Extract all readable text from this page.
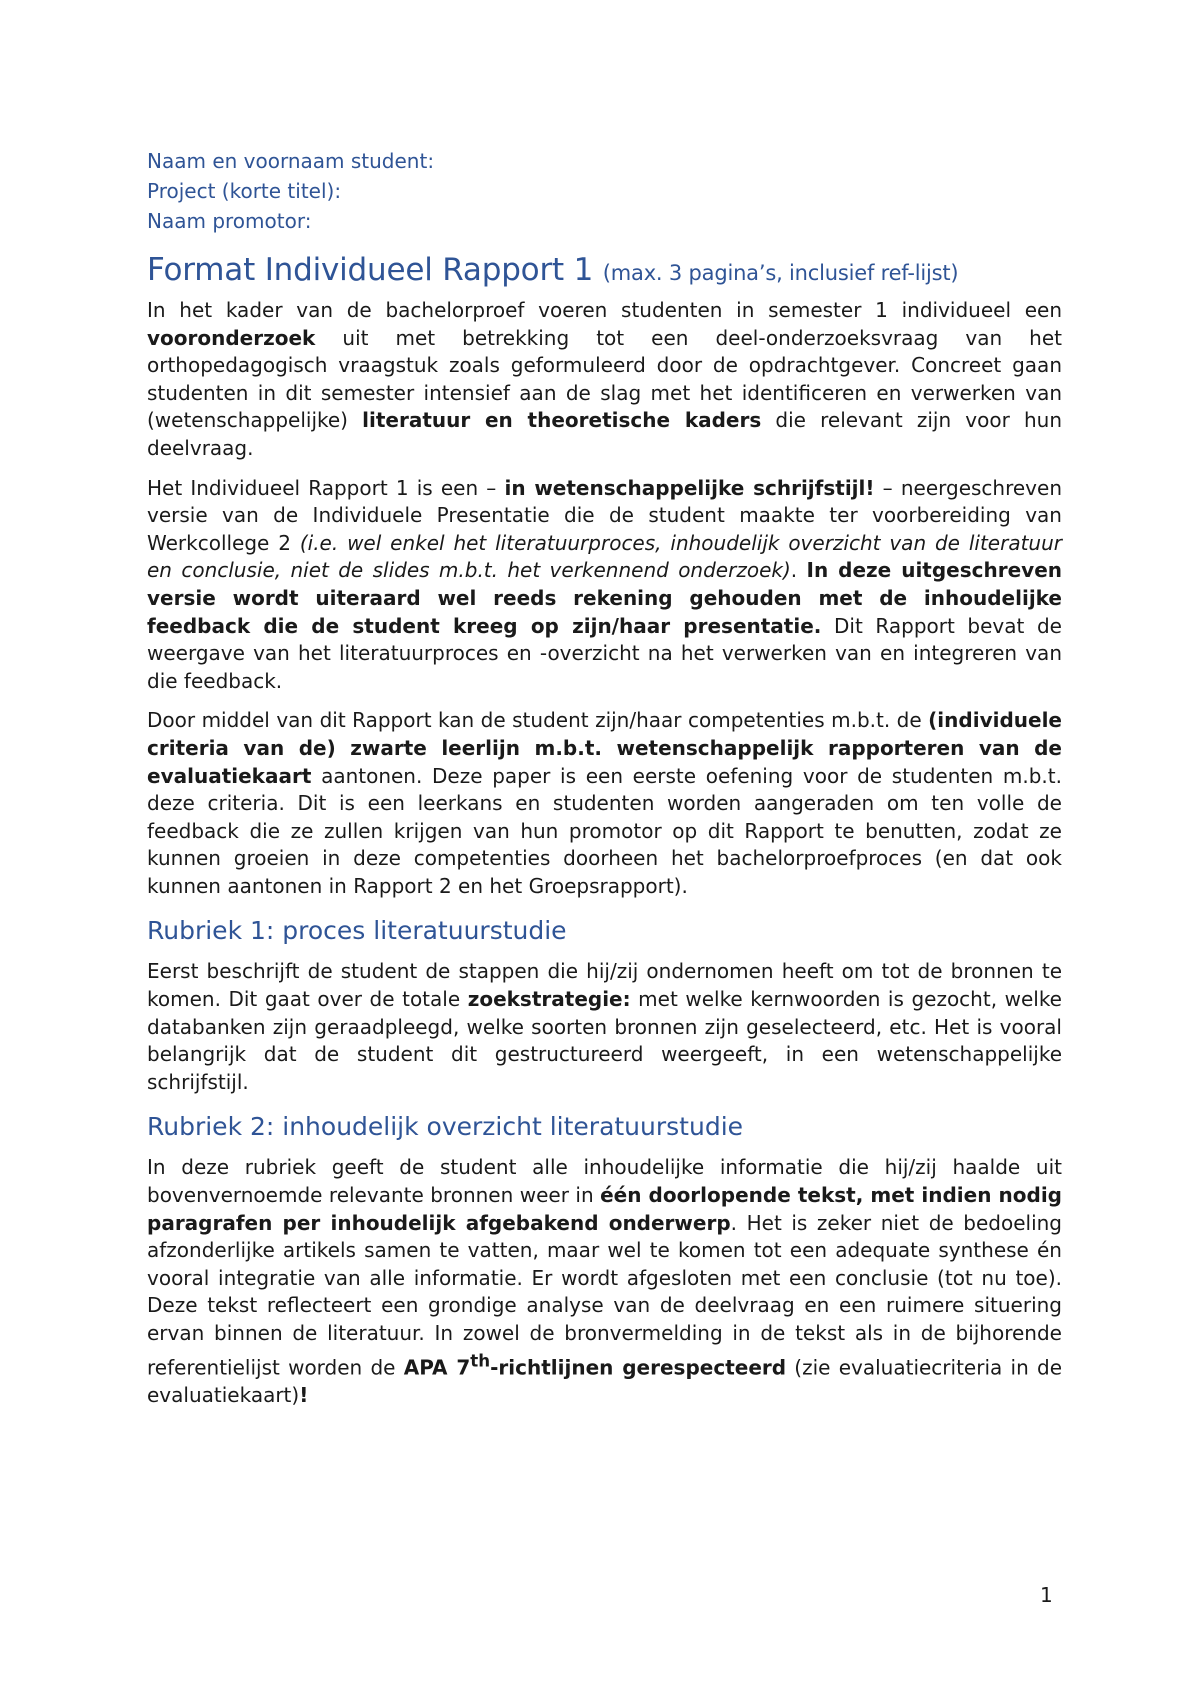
Naam en voornaam student:
Project (korte titel):
Naam promotor:
Format Individueel Rapport 1 (max. 3 pagina’s, inclusief ref-lijst)

In het kader van de bachelorproef voeren studenten in semester 1 individueel een vooronderzoek uit met betrekking tot een deel-onderzoeksvraag van het orthopedagogisch vraagstuk zoals geformuleerd door de opdrachtgever. Concreet gaan studenten in dit semester intensief aan de slag met het identificeren en verwerken van (wetenschappelijke) literatuur en theoretische kaders die relevant zijn voor hun deelvraag.

Het Individueel Rapport 1 is een – in wetenschappelijke schrijfstijl! – neergeschreven versie van de Individuele Presentatie die de student maakte ter voorbereiding van Werkcollege 2 (i.e. wel enkel het literatuurproces, inhoudelijk overzicht van de literatuur en conclusie, niet de slides m.b.t. het verkennend onderzoek). In deze uitgeschreven versie wordt uiteraard wel reeds rekening gehouden met de inhoudelijke feedback die de student kreeg op zijn/haar presentatie. Dit Rapport bevat de weergave van het literatuurproces en -overzicht na het verwerken van en integreren van die feedback.

Door middel van dit Rapport kan de student zijn/haar competenties m.b.t. de (individuele criteria van de) zwarte leerlijn m.b.t. wetenschappelijk rapporteren van de evaluatiekaart aantonen. Deze paper is een eerste oefening voor de studenten m.b.t. deze criteria. Dit is een leerkans en studenten worden aangeraden om ten volle de feedback die ze zullen krijgen van hun promotor op dit Rapport te benutten, zodat ze kunnen groeien in deze competenties doorheen het bachelorproefproces (en dat ook kunnen aantonen in Rapport 2 en het Groepsrapport).

Rubriek 1: proces literatuurstudie

Eerst beschrijft de student de stappen die hij/zij ondernomen heeft om tot de bronnen te komen. Dit gaat over de totale zoekstrategie: met welke kernwoorden is gezocht, welke databanken zijn geraadpleegd, welke soorten bronnen zijn geselecteerd, etc. Het is vooral belangrijk dat de student dit gestructureerd weergeeft, in een wetenschappelijke schrijfstijl.

Rubriek 2: inhoudelijk overzicht literatuurstudie

In deze rubriek geeft de student alle inhoudelijke informatie die hij/zij haalde uit bovenvernoemde relevante bronnen weer in één doorlopende tekst, met indien nodig paragrafen per inhoudelijk afgebakend onderwerp. Het is zeker niet de bedoeling afzonderlijke artikels samen te vatten, maar wel te komen tot een adequate synthese én vooral integratie van alle informatie. Er wordt afgesloten met een conclusie (tot nu toe). Deze tekst reflecteert een grondige analyse van de deelvraag en een ruimere situering ervan binnen de literatuur. In zowel de bronvermelding in de tekst als in de bijhorende referentielijst worden de APA 7th-richtlijnen gerespecteerd (zie evaluatiecriteria in de evaluatiekaart)!

1
